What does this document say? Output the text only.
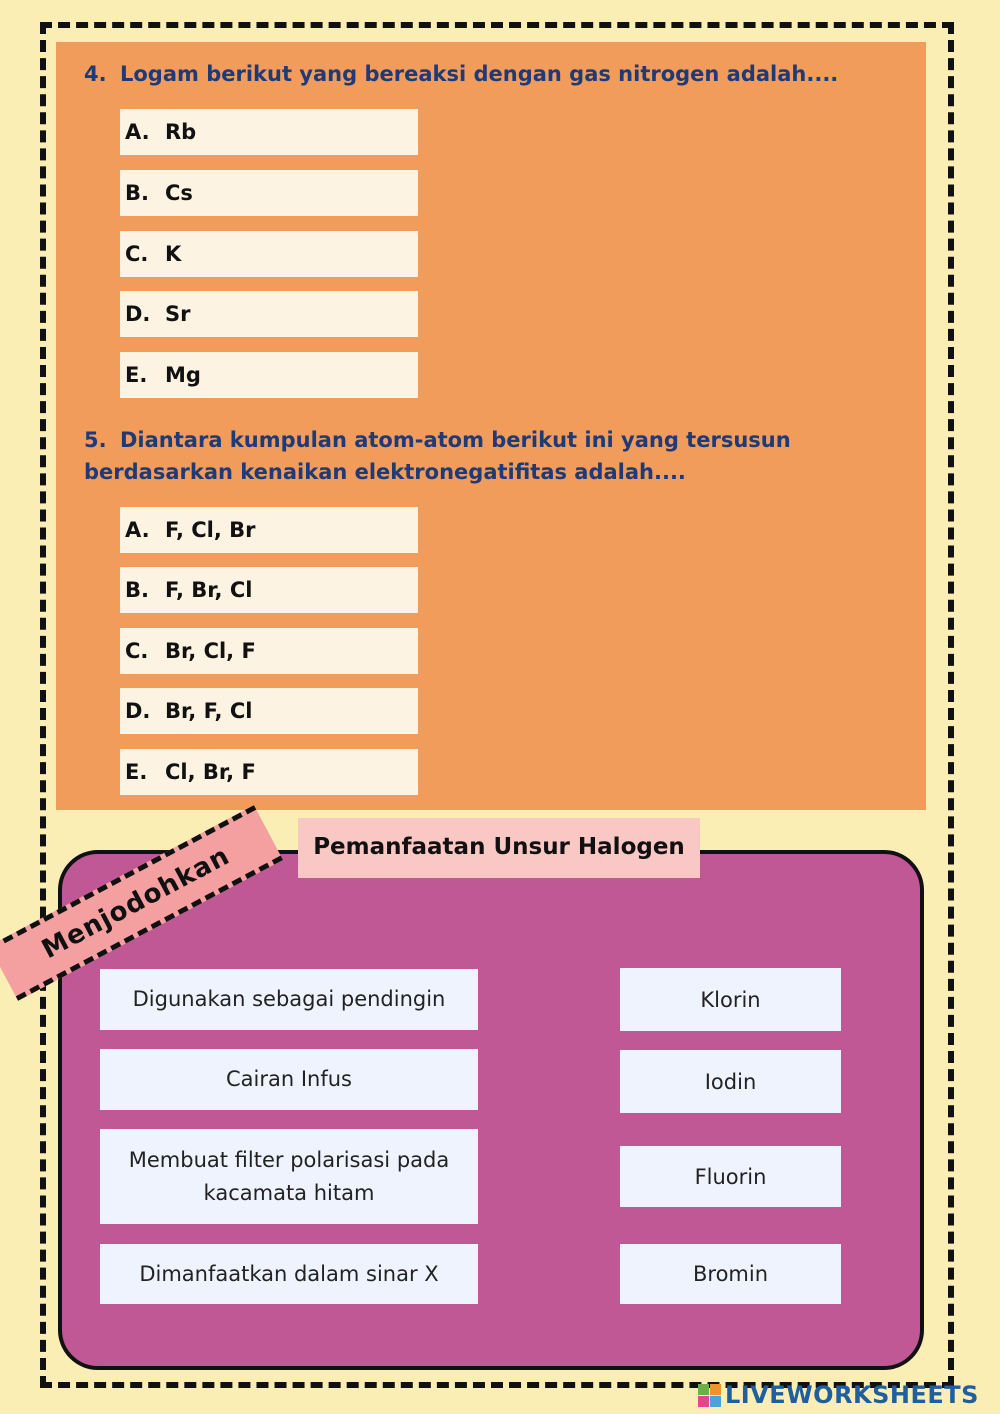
4. Logam berikut yang bereaksi dengan gas nitrogen adalah....
A. Rb
B. Cs
C. K
D. Sr
E. Mg
5. Diantara kumpulan atom-atom berikut ini yang tersusun
berdasarkan kenaikan elektronegatifitas adalah....
A. F, Cl, Br
B. F, Br, Cl
C. Br, Cl, F
D. Br, F, Cl
E. Cl, Br, F
Pemanfaatan Unsur Halogen
Menjodohkan
Digunakan sebagai pendingin
Cairan Infus
Membuat filter polarisasi pada kacamata hitam
Dimanfaatkan dalam sinar X
Klorin
Iodin
Fluorin
Bromin
LIVEWORKSHEETS
